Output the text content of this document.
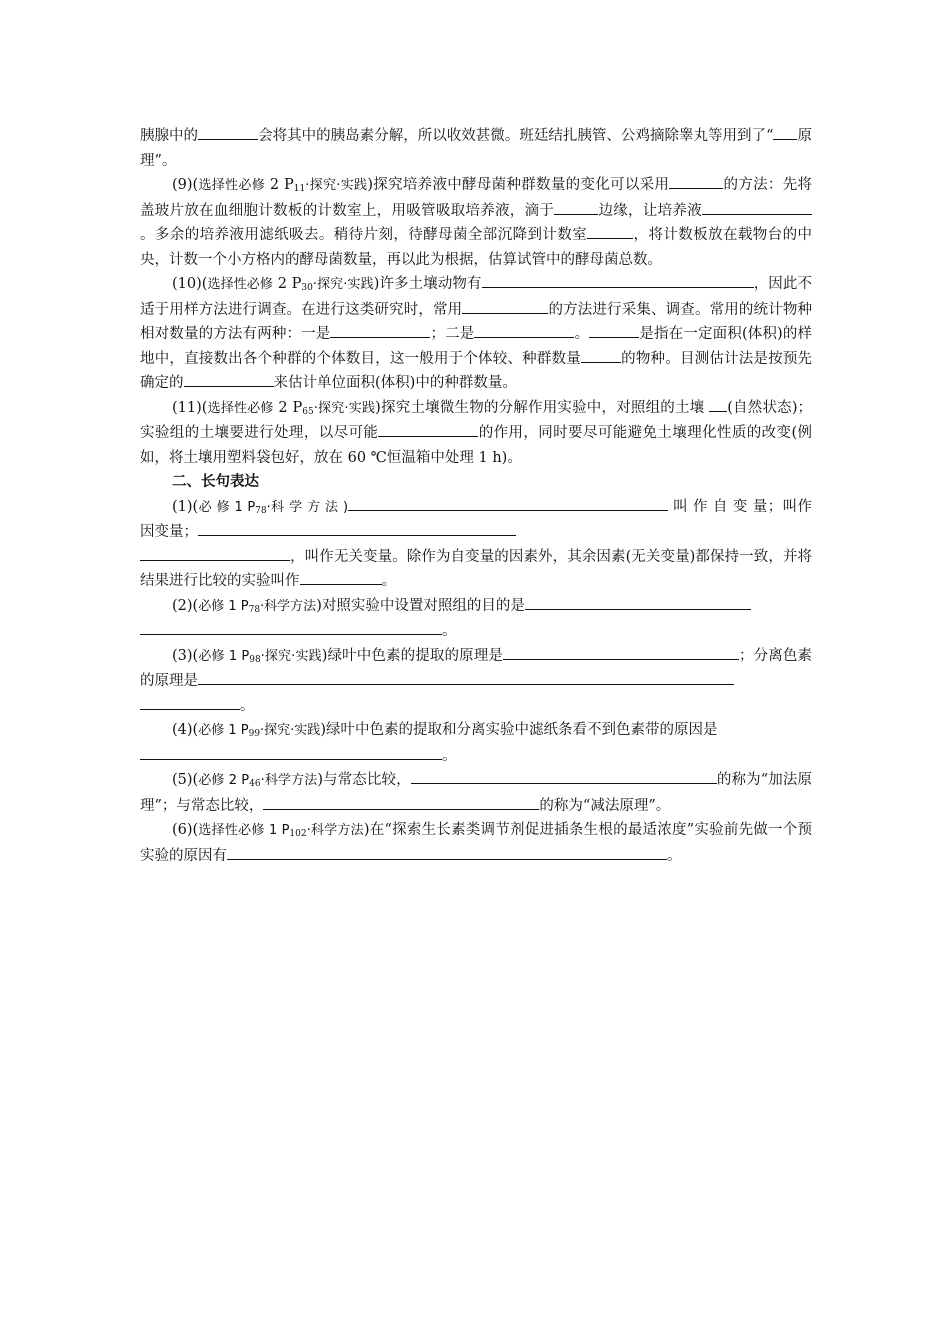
胰腺中的	会将其中的胰岛素分解，所以收效甚微。班廷结扎胰管、公鸡摘除睾丸等用到了“ 原理”。

(9)(选择性必修 2 $P_{11}\cdot$探究·实践)探究培养液中酵母菌种群数量的变化可以采用	的方法：先将盖玻片放在血细胞计数板的计数室上，用吸管吸取培养液，滴于	边缘，让培养液。多余的培养液用滤纸吸去。稍待片刻，待酵母菌全部沉降到计数室	，将计数板放在载物台的中央，计数一个小方格内的酵母菌数量，再以此为根据，估算试管中的酵母菌总数。

(10)(选择性必修 2 $P_{30}\cdot$探究·实践)许多土壤动物有	，因此不适于用样方法进行调查。在进行这类研究时，常用	的方法进行采集、调查。常用的统计物种相对数量的方法有两种：一是	；二是	。	是指在一定面积(体积)的样地中，直接数出各个种群的个体数目，这一般用于个体较、种群数量	的物种。目测估计法是按预先确定的	来估计单位面积(体积)中的种群数量。

(11)(选择性必修 2 $P_{65}\cdot$探究·实践)探究土壤微生物的分解作用实验中，对照组的土壤 (自然状态)；实验组的土壤要进行处理，以尽可能	的作用，同时要尽可能避免土壤理化性质的改变(例如，将土壤用塑料袋包好，放在 60 ℃恒温箱中处理 1 h)。

二、长句表达

(1)(必 修 1 $P_{78}\cdot$科 学 方 法 )	叫 作 自 变 量；叫作因变量；
，叫作无关变量。除作为自变量的因素外，其余因素(无关变量)都保持一致，并将结果进行比较的实验叫作	。

(2)(必修 1 $P_{78}\cdot$科学方法)对照实验中设置对照组的目的是
。

(3)(必修 1 $P_{98}\cdot$探究·实践)绿叶中色素的提取的原理是	；分离色素的原理是
。

(4)(必修 1 $P_{99}\cdot$探究·实践)绿叶中色素的提取和分离实验中滤纸条看不到色素带的原因是
。

(5)(必修 2 $P_{46}\cdot$科学方法)与常态比较，	的称为“加法原理”；与常态比较，	的称为“减法原理”。

(6)(选择性必修 1 $P_{102}\cdot$科学方法)在“探索生长素类调节剂促进插条生根的最适浓度”实验前先做一个预实验的原因有	。
